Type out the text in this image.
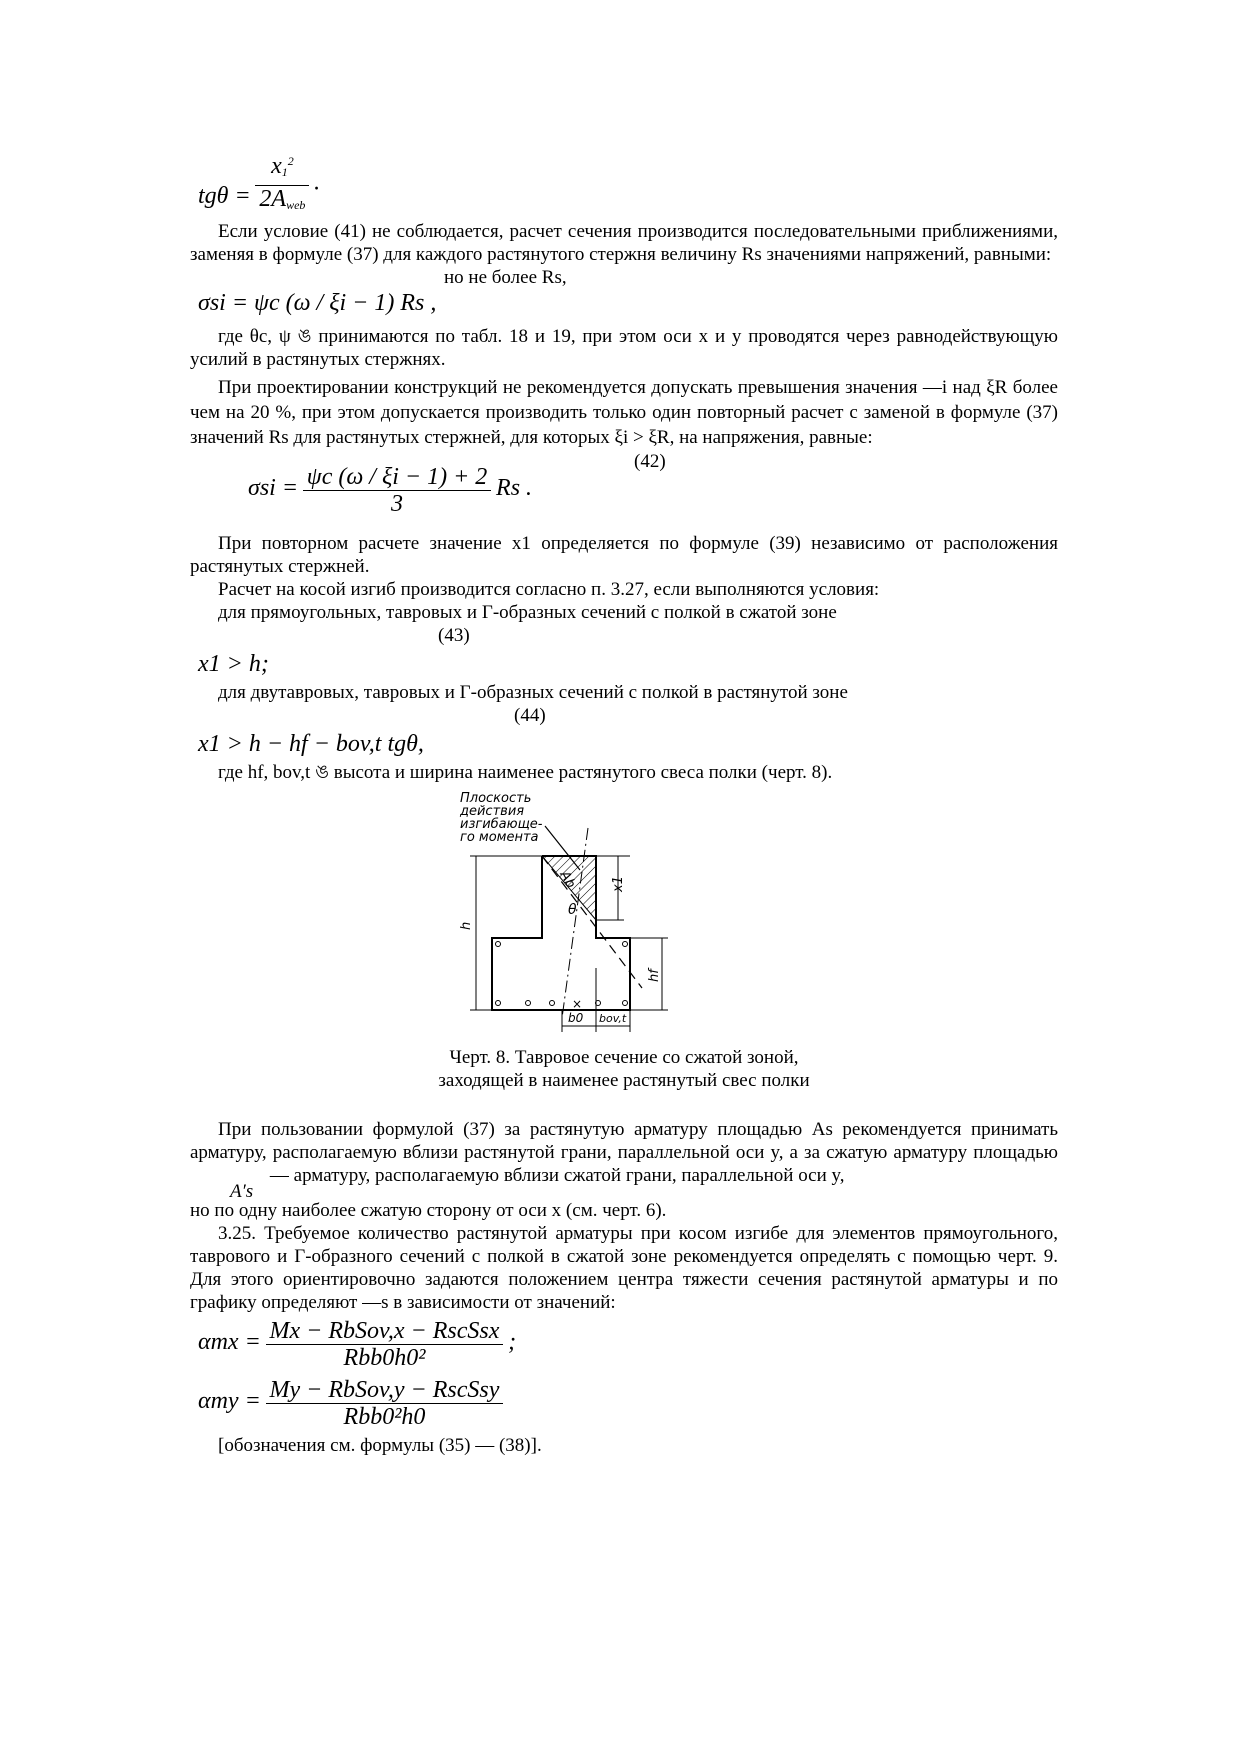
$tg\theta = \frac{x_1^2}{2A_{web}}$ .

Если условие (41) не соблюдается, расчет сечения производится последовательными приближениями, заменяя в формуле (37) для каждого растянутого стержня величину Rs значениями напряжений, равными:

но не более Rs,
σsi = ψc (ω / ξi − 1) Rs ,

где θc, ψ ঙ принимаются по табл. 18 и 19, при этом оси x и y проводятся через равнодействующую усилий в растянутых стержнях.

При проектировании конструкций не рекомендуется допускать превышения значения —i над ξR более чем на 20 %, при этом допускается производить только один повторный расчет с заменой в формуле (37) значений Rs для растянутых стержней, для которых ξi > ξR, на напряжения, равные:

(42)
$\sigma si = \frac{\psi c (\omega / \xi i - 1) + 2}{3}$ Rs .

При повторном расчете значение x1 определяется по формуле (39) независимо от расположения растянутых стержней.

Расчет на косой изгиб производится согласно п. 3.27, если выполняются условия:
для прямоугольных, тавровых и Г-образных сечений с полкой в сжатой зоне
(43)
x1 > h;
для двутавровых, тавровых и Г-образных сечений с полкой в растянутой зоне
(44)
x1 > h − hf − bov,t tgθ,
где hf, bov,t ঙ высота и ширина наименее растянутого свеса полки (черт. 8).
Плоскость
действия
изгибающе-
го момента
Ab
θ
x1
h
hf
b0 bov,t
×
Черт. 8. Тавровое сечение со сжатой зоной,
заходящей в наименее растянутый свес полки

При пользовании формулой (37) за растянутую арматуру площадью As рекомендуется принимать арматуру, располагаемую вблизи растянутой грани, параллельной оси y, а за сжатую арматуру площадью A′s — арматуру, располагаемую вблизи сжатой грани, параллельной оси y,

но по одну наиболее сжатую сторону от оси x (см. черт. 6).

3.25. Требуемое количество растянутой арматуры при косом изгибе для элементов прямоугольного, таврового и Г-образного сечений с полкой в сжатой зоне рекомендуется определять с помощью черт. 9. Для этого ориентировочно задаются положением центра тяжести сечения растянутой арматуры и по графику определяют —s в зависимости от значений:

$\alpha mx = \frac{\text{Mx − RbSov,x − RscSsx}}{\text{Rbb0h0²}}$ ;
$\alpha my = \frac{\text{My − RbSov,y − RscSsy}}{\text{Rbb0²h0}}$
[обозначения см. формулы (35) — (38)].
